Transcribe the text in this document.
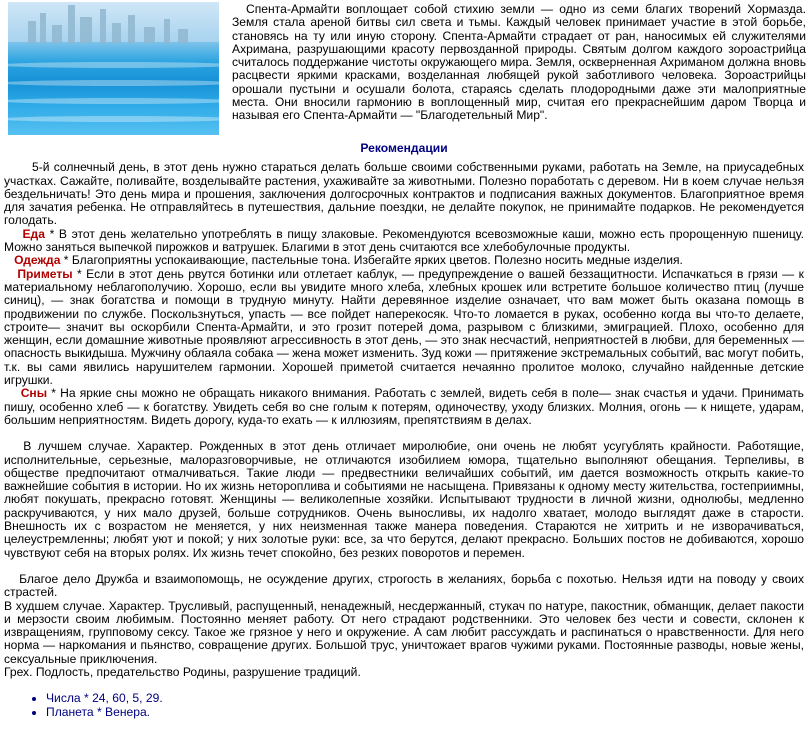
Спента-Армайти воплощает собой стихию земли — одно из семи благих творений Хормазда. Земля стала ареной битвы сил света и тьмы. Каждый человек принимает участие в этой борьбе, становясь на ту или иную сторону. Спента-Армайти страдает от ран, наносимых ей служителями Ахримана, разрушающими красоту первозданной природы. Святым долгом каждого зороастрийца считалось поддержание чистоты окружающего мира. Земля, оскверненная Ахриманом должна вновь расцвести яркими красками, возделанная любящей рукой заботливого человека. Зороастрийцы орошали пустыни и осушали болота, стараясь сделать плодородными даже эти малоприятные места. Они вносили гармонию в воплощенный мир, считая его прекраснейшим даром Творца и называя его Спента-Армайти — "Благодетельный Мир".
Рекомендации

5-й солнечный день, в этот день нужно стараться делать больше своими собственными руками, работать на Земле, на приусадебных участках. Сажайте, поливайте, возделывайте растения, ухаживайте за животными. Полезно поработать с деревом. Ни в коем случае нельзя бездельничать! Это день мира и прошения, заключения долгосрочных контрактов и подписания важных документов. Благоприятное время для зачатия ребенка. Не отправляйтесь в путешествия, дальние поездки, не делайте покупок, не принимайте подарков. Не рекомендуется голодать.

Еда * В этот день желательно употреблять в пищу злаковые. Рекомендуются всевозможные каши, можно есть пророщенную пшеницу. Можно заняться выпечкой пирожков и ватрушек. Благими в этот день считаются все хлебобулочные продукты.

Одежда * Благоприятны успокаивающие, пастельные тона. Избегайте ярких цветов. Полезно носить медные изделия.

Приметы * Если в этот день рвутся ботинки или отлетает каблук, — предупреждение о вашей беззащитности. Испачкаться в грязи — к материальному неблагополучию. Хорошо, если вы увидите много хлеба, хлебных крошек или встретите большое количество птиц (лучше синиц), — знак богатства и помощи в трудную минуту. Найти деревянное изделие означает, что вам может быть оказана помощь в продвижении по службе. Поскользнуться, упасть — все пойдет наперекосяк. Что-то ломается в руках, особенно когда вы что-то делаете, строите— значит вы оскорбили Спента-Армайти, и это грозит потерей дома, разрывом с близкими, эмиграцией. Плохо, особенно для женщин, если домашние животные проявляют агрессивность в этот день, — это знак несчастий, неприятностей в любви, для беременных — опасность выкидыша. Мужчину облаяла собака — жена может изменить. Зуд кожи — притяжение экстремальных событий, вас могут побить, т.к. вы сами явились нарушителем гармонии. Хорошей приметой считается нечаянно пролитое молоко, случайно найденные детские игрушки.

Сны * На яркие сны можно не обращать никакого внимания. Работать с землей, видеть себя в поле— знак счастья и удачи. Принимать пишу, особенно хлеб — к богатству. Увидеть себя во сне голым к потерям, одиночеству, уходу близких. Молния, огонь — к нищете, ударам, большим неприятностям. Видеть дорогу, куда-то ехать — к иллюзиям, препятствиям в делах.

В лучшем случае. Характер. Рожденных в этот день отличает миролюбие, они очень не любят усугублять крайности. Работящие, исполнительные, серьезные, малоразговорчивые, не отличаются изобилием юмора, тщательно выполняют обещания. Терпеливы, в обществе предпочитают отмалчиваться. Такие люди — предвестники величайших событий, им дается возможность открыть какие-то важнейшие события в истории. Но их жизнь нетороплива и событиями не насыщена. Привязаны к одному месту жительства, гостеприимны, любят покушать, прекрасно готовят. Женщины — великолепные хозяйки. Испытывают трудности в личной жизни, однолюбы, медленно раскручиваются, у них мало друзей, больше сотрудников. Очень выносливы, их надолго хватает, молодо выглядят даже в старости. Внешность их с возрастом не меняется, у них неизменная также манера поведения. Стараются не хитрить и не изворачиваться, целеустремленны; любят уют и покой; у них золотые руки: все, за что берутся, делают прекрасно. Больших постов не добиваются, хорошо чувствуют себя на вторых ролях. Их жизнь течет спокойно, без резких поворотов и перемен.

Благое дело Дружба и взаимопомощь, не осуждение других, строгость в желаниях, борьба с похотью. Нельзя идти на поводу у своих страстей.

В худшем случае. Характер. Трусливый, распущенный, ненадежный, несдержанный, стукач по натуре, пакостник, обманщик, делает пакости и мерзости своим любимым. Постоянно меняет работу. От него страдают родственники. Это человек без чести и совести, склонен к извращениям, групповому сексу. Такое же грязное у него и окружение. А сам любит рассуждать и распинаться о нравственности. Для него норма — наркомания и пьянство, совращение других. Большой трус, уничтожает врагов чужими руками. Постоянные разводы, новые жены, сексуальные приключения.

Грех. Подлость, предательство Родины, разрушение традиций.

• Числа * 24, 60, 5, 29.
• Планета * Венера.
